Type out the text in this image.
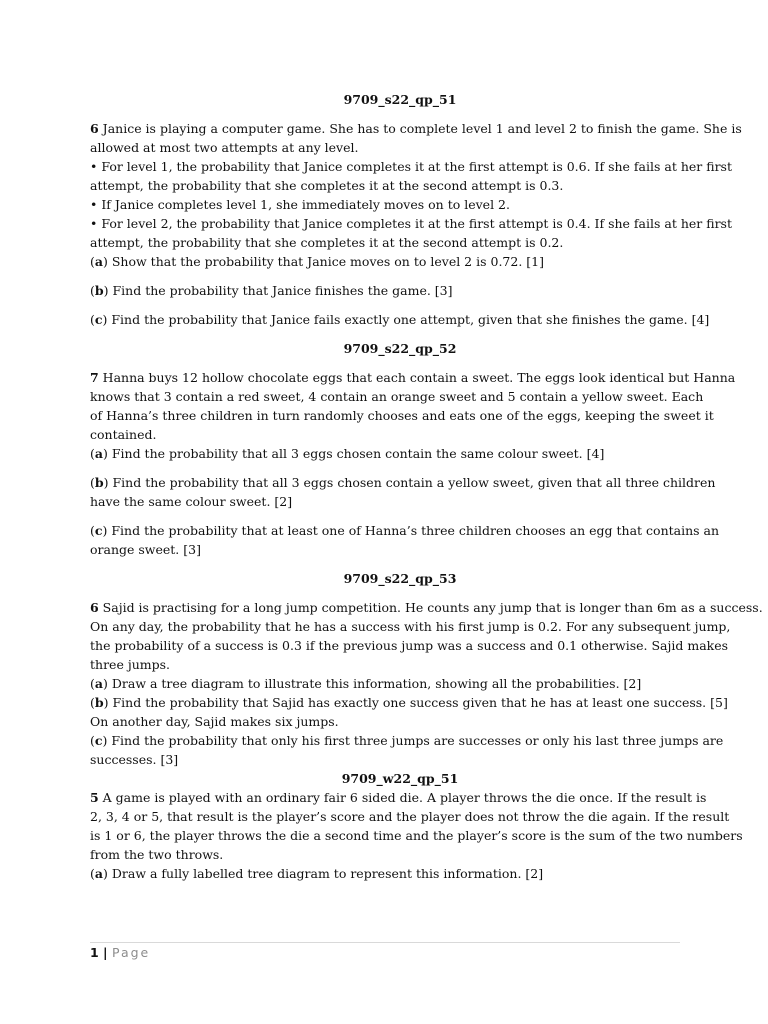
9709_s22_qp_51

6 Janice is playing a computer game. She has to complete level 1 and level 2 to finish the game. She is

allowed at most two attempts at any level.

• For level 1, the probability that Janice completes it at the first attempt is 0.6. If she fails at her first

attempt, the probability that she completes it at the second attempt is 0.3.

• If Janice completes level 1, she immediately moves on to level 2.

• For level 2, the probability that Janice completes it at the first attempt is 0.4. If she fails at her first

attempt, the probability that she completes it at the second attempt is 0.2.

(a) Show that the probability that Janice moves on to level 2 is 0.72. [1]

(b) Find the probability that Janice finishes the game. [3]

(c) Find the probability that Janice fails exactly one attempt, given that she finishes the game. [4]

9709_s22_qp_52

7 Hanna buys 12 hollow chocolate eggs that each contain a sweet. The eggs look identical but Hanna

knows that 3 contain a red sweet, 4 contain an orange sweet and 5 contain a yellow sweet. Each

of Hanna’s three children in turn randomly chooses and eats one of the eggs, keeping the sweet it

contained.

(a) Find the probability that all 3 eggs chosen contain the same colour sweet. [4]

(b) Find the probability that all 3 eggs chosen contain a yellow sweet, given that all three children

have the same colour sweet. [2]

(c) Find the probability that at least one of Hanna’s three children chooses an egg that contains an

orange sweet. [3]

9709_s22_qp_53

6 Sajid is practising for a long jump competition. He counts any jump that is longer than 6m as a success.

On any day, the probability that he has a success with his first jump is 0.2. For any subsequent jump,

the probability of a success is 0.3 if the previous jump was a success and 0.1 otherwise. Sajid makes

three jumps.

(a) Draw a tree diagram to illustrate this information, showing all the probabilities. [2]

(b) Find the probability that Sajid has exactly one success given that he has at least one success. [5]

On another day, Sajid makes six jumps.

(c) Find the probability that only his first three jumps are successes or only his last three jumps are

successes. [3]

9709_w22_qp_51

5 A game is played with an ordinary fair 6 sided die. A player throws the die once. If the result is

2, 3, 4 or 5, that result is the player’s score and the player does not throw the die again. If the result

is 1 or 6, the player throws the die a second time and the player’s score is the sum of the two numbers

from the two throws.

(a) Draw a fully labelled tree diagram to represent this information. [2]

1 | Page
